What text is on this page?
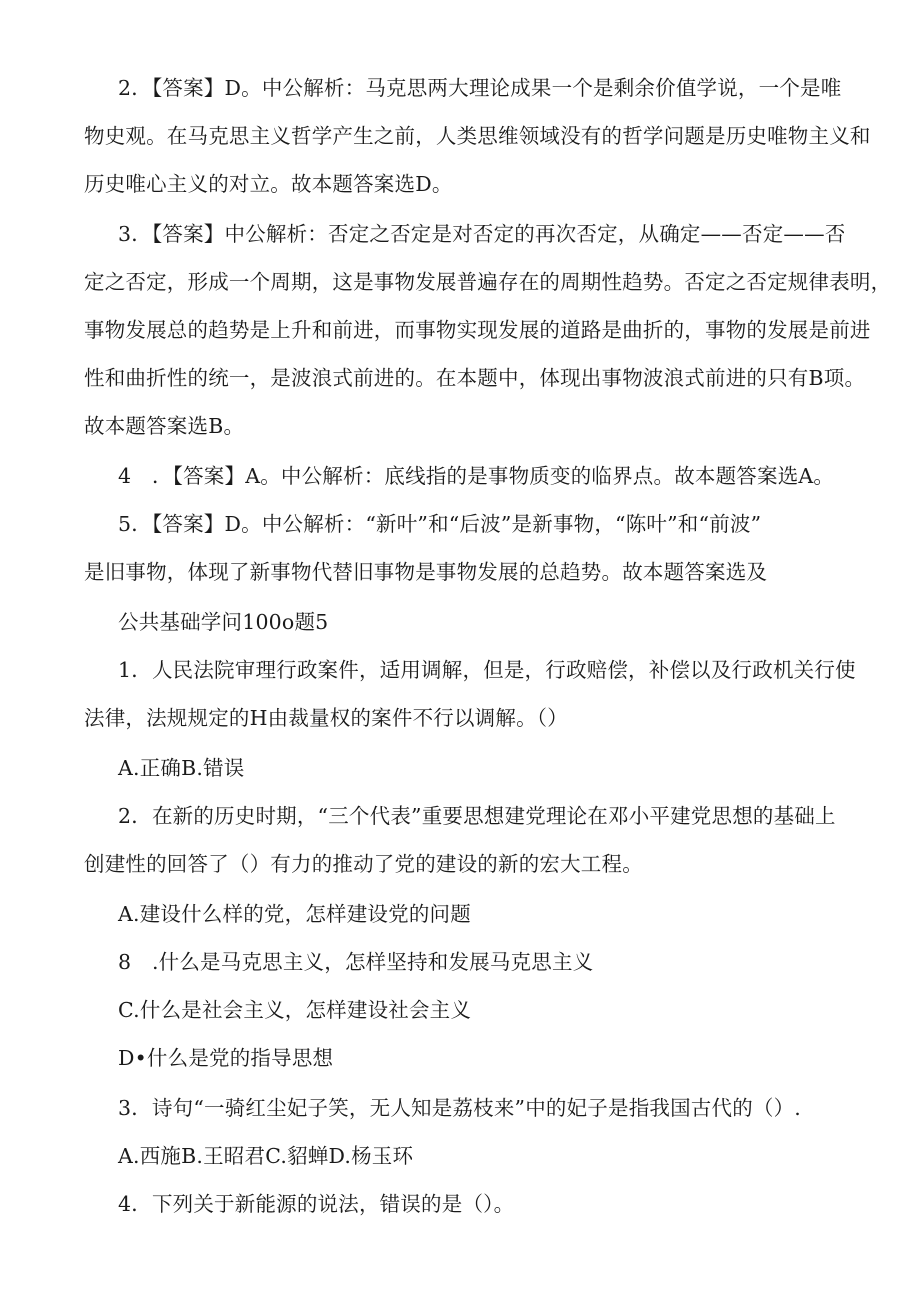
2．【答案】D。中公解析：马克思两大理论成果一个是剩余价值学说，一个是唯
物史观。在马克思主义哲学产生之前，人类思维领域没有的哲学问题是历史唯物主义和
历史唯心主义的对立。故本题答案选D。
3．【答案】中公解析：否定之否定是对否定的再次否定，从确定——否定——否
定之否定，形成一个周期，这是事物发展普遍存在的周期性趋势。否定之否定规律表明，
事物发展总的趋势是上升和前进，而事物实现发展的道路是曲折的，事物的发展是前进
性和曲折性的统一，是波浪式前进的。在本题中，体现出事物波浪式前进的只有B项。
故本题答案选B。
4　．【答案】A。中公解析：底线指的是事物质变的临界点。故本题答案选A。
5．【答案】D。中公解析：“新叶”和“后波”是新事物，“陈叶”和“前波”
是旧事物，体现了新事物代替旧事物是事物发展的总趋势。故本题答案选及
公共基础学问100o题5
1．人民法院审理行政案件，适用调解，但是，行政赔偿，补偿以及行政机关行使
法律，法规规定的H由裁量权的案件不行以调解。（）
A.正确B.错误
2．在新的历史时期，“三个代表”重要思想建党理论在邓小平建党思想的基础上
创建性的回答了（）有力的推动了党的建设的新的宏大工程。
A.建设什么样的党，怎样建设党的问题
8　.什么是马克思主义，怎样坚持和发展马克思主义
C.什么是社会主义，怎样建设社会主义
D•什么是党的指导思想
3．诗句“一骑红尘妃子笑，无人知是荔枝来”中的妃子是指我国古代的（）.
A.西施B.王昭君C.貂蝉D.杨玉环
4．下列关于新能源的说法，错误的是（）。
